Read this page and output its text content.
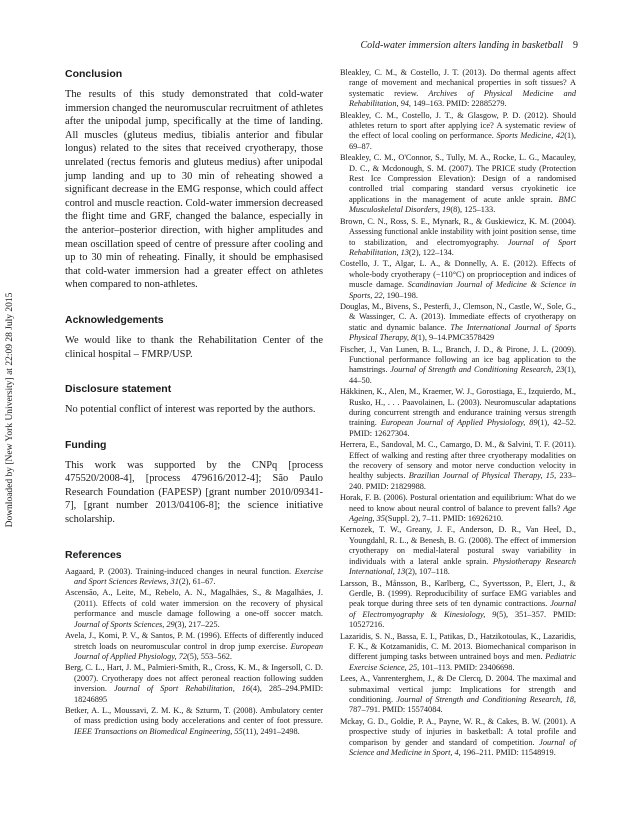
Cold-water immersion alters landing in basketball 9
Downloaded by [New York University] at 22:09 28 July 2015
Conclusion

The results of this study demonstrated that cold-water immersion changed the neuromuscular recruitment of athletes after the unipodal jump, specifically at the time of landing. All muscles (gluteus medius, tibialis anterior and fibular longus) related to the sites that received cryotherapy, those unrelated (rectus femoris and gluteus medius) after unipodal jump landing and up to 30 min of reheating showed a significant decrease in the EMG response, which could affect control and muscle reaction. Cold-water immersion decreased the flight time and GRF, changed the balance, especially in the anterior–posterior direction, with higher amplitudes and mean oscillation speed of centre of pressure after cooling and up to 30 min of reheating. Finally, it should be emphasised that cold-water immersion had a greater effect on athletes when compared to non-athletes.

Acknowledgements

We would like to thank the Rehabilitation Center of the clinical hospital – FMRP/USP.

Disclosure statement

No potential conflict of interest was reported by the authors.

Funding

This work was supported by the CNPq [process 475520/2008-4], [process 479616/2012-4]; São Paulo Research Foundation (FAPESP) [grant number 2010/09341-7], [grant number 2013/04106-8]; the science initiative scholarship.

References

Aagaard, P. (2003). Training-induced changes in neural function. Exercise and Sport Sciences Reviews, 31(2), 61–67.

Ascensão, A., Leite, M., Rebelo, A. N., Magalhäes, S., & Magalhäes, J. (2011). Effects of cold water immersion on the recovery of physical performance and muscle damage following a one-off soccer match. Journal of Sports Sciences, 29(3), 217–225.

Avela, J., Komi, P. V., & Santos, P. M. (1996). Effects of differently induced stretch loads on neuromuscular control in drop jump exercise. European Journal of Applied Physiology, 72(5), 553–562.

Berg, C. L., Hart, J. M., Palmieri-Smith, R., Cross, K. M., & Ingersoll, C. D. (2007). Cryotherapy does not affect peroneal reaction following sudden inversion. Journal of Sport Rehabilitation, 16(4), 285–294.PMID: 18246895

Betker, A. L., Moussavi, Z. M. K., & Szturm, T. (2008). Ambulatory center of mass prediction using body accelerations and center of foot pressure. IEEE Transactions on Biomedical Engineering, 55(11), 2491–2498.

Bleakley, C. M., & Costello, J. T. (2013). Do thermal agents affect range of movement and mechanical properties in soft tissues? A systematic review. Archives of Physical Medicine and Rehabilitation, 94, 149–163. PMID: 22885279.

Bleakley, C. M., Costello, J. T., & Glasgow, P. D. (2012). Should athletes return to sport after applying ice? A systematic review of the effect of local cooling on performance. Sports Medicine, 42(1), 69–87.

Bleakley, C. M., O'Connor, S., Tully, M. A., Rocke, L. G., Macauley, D. C., & Mcdonough, S. M. (2007). The PRICE study (Protection Rest Ice Compression Elevation): Design of a randomised controlled trial comparing standard versus cryokinetic ice applications in the management of acute ankle sprain. BMC Musculoskeletal Disorders, 19(8), 125–133.

Brown, C. N., Ross, S. E., Mynark, R., & Guskiewicz, K. M. (2004). Assessing functional ankle instability with joint position sense, time to stabilization, and electromyography. Journal of Sport Rehabilitation, 13(2), 122–134.

Costello, J. T., Algar, L. A., & Donnelly, A. E. (2012). Effects of whole-body cryotherapy (−110°C) on proprioception and indices of muscle damage. Scandinavian Journal of Medicine & Science in Sports, 22, 190–198.

Douglas, M., Bivens, S., Pesterfi, J., Clemson, N., Castle, W., Sole, G., & Wassinger, C. A. (2013). Immediate effects of cryotherapy on static and dynamic balance. The International Journal of Sports Physical Therapy, 8(1), 9–14.PMC3578429

Fischer, J., Van Lunen, B. L., Branch, J. D., & Pirone, J. L. (2009). Functional performance following an ice bag application to the hamstrings. Journal of Strength and Conditioning Research, 23(1), 44–50.

Häkkinen, K., Alen, M., Kraemer, W. J., Gorostiaga, E., Izquierdo, M., Rusko, H., . . . Paavolainen, L. (2003). Neuromuscular adaptations during concurrent strength and endurance training versus strength training. European Journal of Applied Physiology, 89(1), 42–52. PMID: 12627304.

Herrera, E., Sandoval, M. C., Camargo, D. M., & Salvini, T. F. (2011). Effect of walking and resting after three cryotherapy modalities on the recovery of sensory and motor nerve conduction velocity in healthy subjects. Brazilian Journal of Physical Therapy, 15, 233–240. PMID: 21829988.

Horak, F. B. (2006). Postural orientation and equilibrium: What do we need to know about neural control of balance to prevent falls? Age Ageing, 35(Suppl. 2), 7–11. PMID: 16926210.

Kernozek, T. W., Greany, J. F., Anderson, D. R., Van Heel, D., Youngdahl, R. L., & Benesh, B. G. (2008). The effect of immersion cryotherapy on medial-lateral postural sway variability in individuals with a lateral ankle sprain. Physiotherapy Research International, 13(2), 107–118.

Larsson, B., Månsson, B., Karlberg, C., Syvertsson, P., Elert, J., & Gerdle, B. (1999). Reproducibility of surface EMG variables and peak torque during three sets of ten dynamic contractions. Journal of Electromyography & Kinesiology, 9(5), 351–357. PMID: 10527216.

Lazaridis, S. N., Bassa, E. I., Patikas, D., Hatzikotoulas, K., Lazaridis, F. K., & Kotzamanidis, C. M. 2013. Biomechanical comparison in different jumping tasks between untrained boys and men. Pediatric Exercise Science, 25, 101–113. PMID: 23406698.

Lees, A., Vanrenterghem, J., & De Clercq, D. 2004. The maximal and submaximal vertical jump: Implications for strength and conditioning. Journal of Strength and Conditioning Research, 18, 787–791. PMID: 15574084.

Mckay, G. D., Goldie, P. A., Payne, W. R., & Cakes, B. W. (2001). A prospective study of injuries in basketball: A total profile and comparison by gender and standard of competition. Journal of Science and Medicine in Sport, 4, 196–211. PMID: 11548919.
